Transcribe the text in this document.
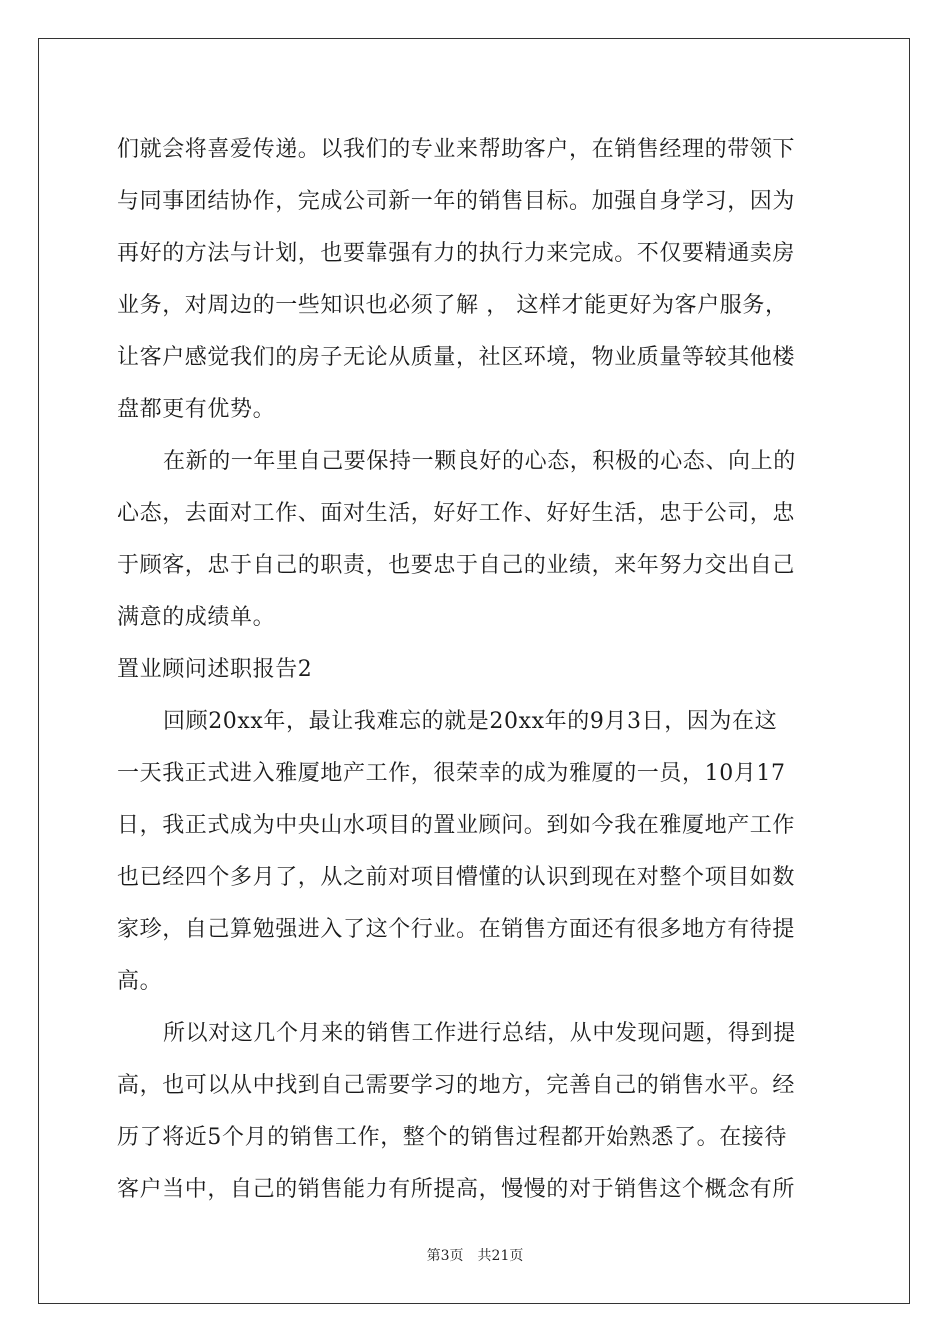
们就会将喜爱传递。以我们的专业来帮助客户，在销售经理的带领下
与同事团结协作，完成公司新一年的销售目标。加强自身学习，因为
再好的方法与计划，也要靠强有力的执行力来完成。不仅要精通卖房
业务，对周边的一些知识也必须了解 ， 这样才能更好为客户服务，
让客户感觉我们的房子无论从质量，社区环境，物业质量等较其他楼
盘都更有优势。
在新的一年里自己要保持一颗良好的心态，积极的心态、向上的
心态，去面对工作、面对生活，好好工作、好好生活，忠于公司，忠
于顾客，忠于自己的职责，也要忠于自己的业绩，来年努力交出自己
满意的成绩单。
置业顾问述职报告2
回顾20xx年，最让我难忘的就是20xx年的9月3日，因为在这
一天我正式进入雅厦地产工作，很荣幸的成为雅厦的一员，10月17
日，我正式成为中央山水项目的置业顾问。到如今我在雅厦地产工作
也已经四个多月了，从之前对项目懵懂的认识到现在对整个项目如数
家珍，自己算勉强进入了这个行业。在销售方面还有很多地方有待提
高。
所以对这几个月来的销售工作进行总结，从中发现问题，得到提
高，也可以从中找到自己需要学习的地方，完善自己的销售水平。经
历了将近5个月的销售工作，整个的销售过程都开始熟悉了。在接待
客户当中，自己的销售能力有所提高，慢慢的对于销售这个概念有所
第3页 共21页
